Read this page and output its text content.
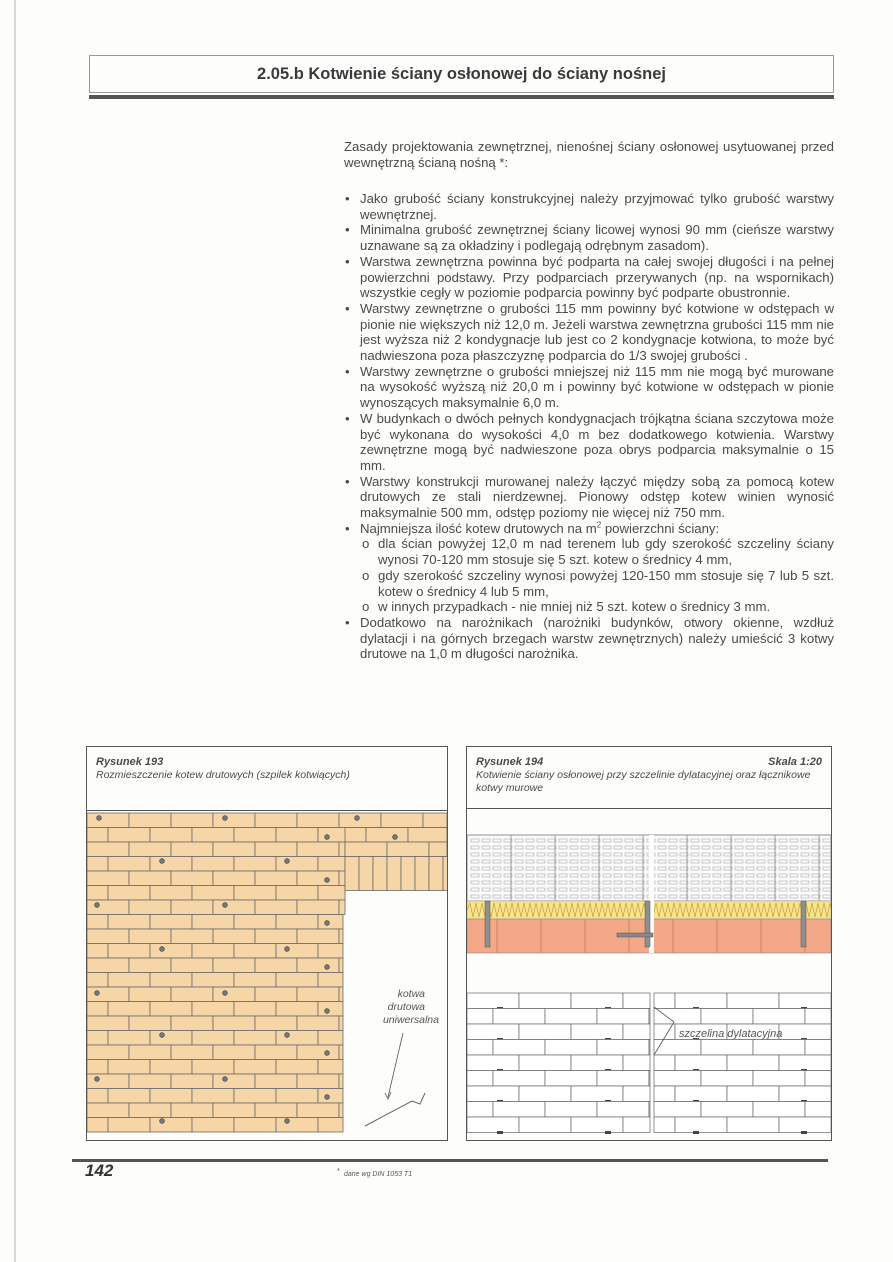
2.05.b Kotwienie ściany osłonowej do ściany nośnej
Zasady projektowania zewnętrznej, nienośnej ściany osłonowej usytuowanej przed wewnętrzną ścianą nośną *:
• Jako grubość ściany konstrukcyjnej należy przyjmować tylko grubość warstwy wewnętrznej.
• Minimalna grubość zewnętrznej ściany licowej wynosi 90 mm (cieńsze warstwy uznawane są za okładziny i podlegają odrębnym zasadom).
• Warstwa zewnętrzna powinna być podparta na całej swojej długości i na pełnej powierzchni podstawy. Przy podparciach przerywanych (np. na wspornikach) wszystkie cegły w poziomie podparcia powinny być podparte obustronnie.
• Warstwy zewnętrzne o grubości 115 mm powinny być kotwione w odstępach w pionie nie większych niż 12,0 m. Jeżeli warstwa zewnętrzna grubości 115 mm nie jest wyższa niż 2 kondygnacje lub jest co 2 kondygnacje kotwiona, to może być nadwieszona poza płaszczyznę podparcia do 1/3 swojej grubości .
• Warstwy zewnętrzne o grubości mniejszej niż 115 mm nie mogą być murowane na wysokość wyższą niż 20,0 m i powinny być kotwione w odstępach w pionie wynoszących maksymalnie 6,0 m.
• W budynkach o dwóch pełnych kondygnacjach trójkątna ściana szczytowa może być wykonana do wysokości 4,0 m bez dodatkowego kotwienia. Warstwy zewnętrzne mogą być nadwieszone poza obrys podparcia maksymalnie o 15 mm.
• Warstwy konstrukcji murowanej należy łączyć między sobą za pomocą kotew drutowych ze stali nierdzewnej. Pionowy odstęp kotew winien wynosić maksymalnie 500 mm, odstęp poziomy nie więcej niż 750 mm.
• Najmniejsza ilość kotew drutowych na $m^2$ powierzchni ściany:
o dla ścian powyżej 12,0 m nad terenem lub gdy szerokość szczeliny ściany wynosi 70-120 mm stosuje się 5 szt. kotew o średnicy 4 mm,
o gdy szerokość szczeliny wynosi powyżej 120-150 mm stosuje się 7 lub 5 szt. kotew o średnicy 4 lub 5 mm,
o w innych przypadkach - nie mniej niż 5 szt. kotew o średnicy 3 mm.
• Dodatkowo na narożnikach (narożniki budynków, otwory okienne, wzdłuż dylatacji i na górnych brzegach warstw zewnętrznych) należy umieścić 3 kotwy drutowe na 1,0 m długości narożnika.
Rysunek 193
Rozmieszczenie kotew drutowych (szpilek kotwiących)
kotwa
drutowa
uniwersalna
Rysunek 194
Kotwienie ściany osłonowej przy szczelinie dylatacyjnej oraz łącznikowe kotwy murowe
Skala 1:20
szczelina dylatacyjna
142	* dane wg DIN 1053 T1
